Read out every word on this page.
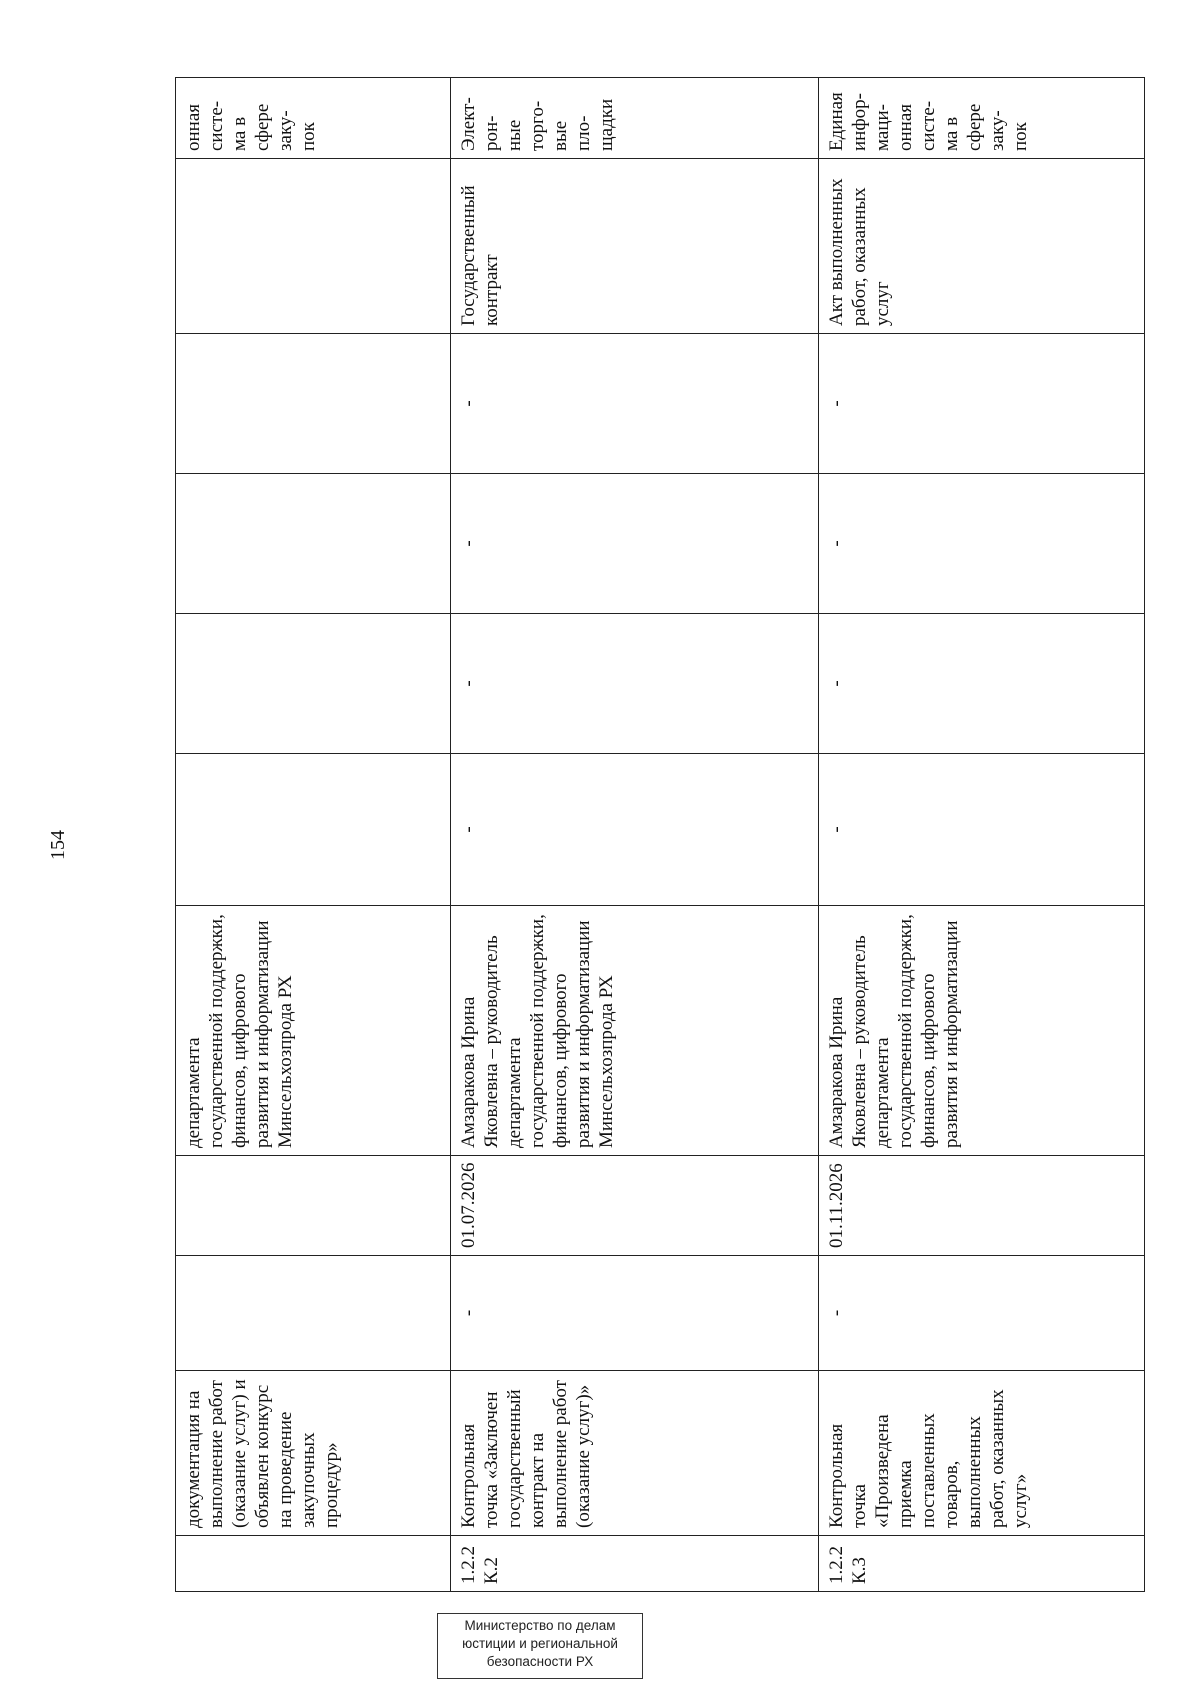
154
	документация на выполнение работ (оказание услуг) и объявлен конкурс на проведение закупочных процедур»			департамента государственной поддержки, финансов, цифрового развития и информатизации Минсельхозпрода РХ						онная систе- ма в сфере заку- пок
1.2.2 К.2	Контрольная точка «Заключен государственный контракт на выполнение работ (оказание услуг)»	-	01.07.2026	Амзаракова Ирина Яковлевна – руководитель департамента государственной поддержки, финансов, цифрового развития и информатизации Минсельхозпрода РХ	-	-	-	-	Государственный контракт	Элект- рон- ные торго- вые пло- щадки
1.2.2 К.3	Контрольная точка «Произведена приемка поставленных товаров, выполненных работ, оказанных услуг»	-	01.11.2026	Амзаракова Ирина Яковлевна – руководитель департамента государственной поддержки, финансов, цифрового развития и информатизации	-	-	-	-	Акт выполненных работ, оказанных услуг	Единая инфор- маци- онная систе- ма в сфере заку- пок
Министерство по делам
юстиции и региональной
безопасности РХ
